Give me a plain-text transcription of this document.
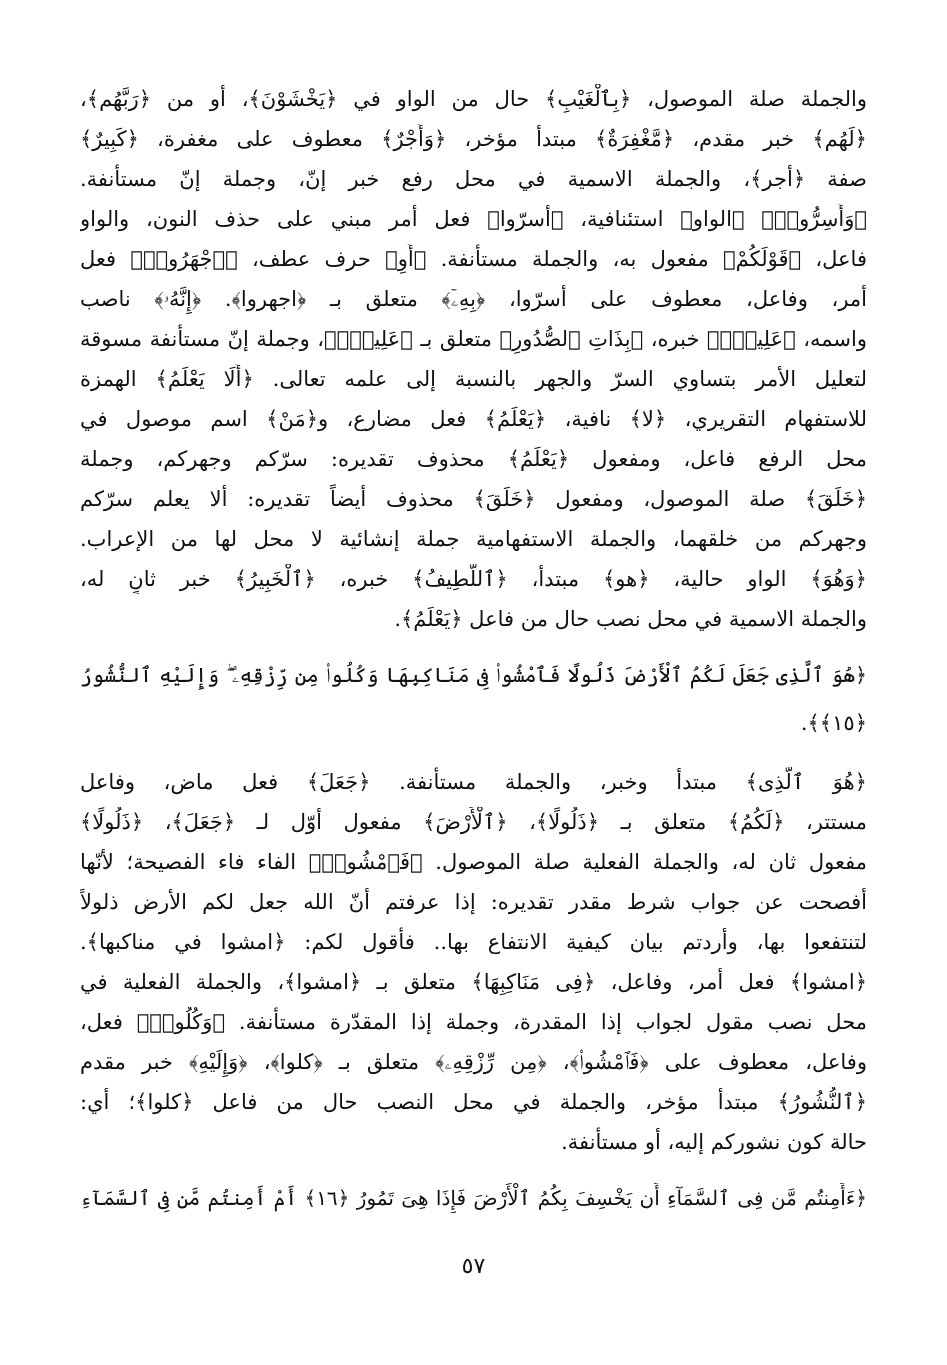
والجملة صلة الموصول، ﴿بِٱلْغَيْبِ﴾ حال من الواو في ﴿يَخْشَوْنَ﴾، أو من ﴿رَبَّهُم﴾،
﴿لَهُم﴾ خبر مقدم، ﴿مَّغْفِرَةٌ﴾ مبتدأ مؤخر، ﴿وَأَجْرٌ﴾ معطوف على مغفرة، ﴿كَبِيرٌ﴾
صفة ﴿أجر﴾، والجملة الاسمية في محل رفع خبر إنّ، وجملة إنّ مستأنفة.
﴿وَأَسِرُّوا۟﴾ ﴿الواو﴾ استئنافية، ﴿أسرّوا﴾ فعل أمر مبني على حذف النون، والواو
فاعل، ﴿قَوْلَكُمْ﴾ مفعول به، والجملة مستأنفة. ﴿أَوِ﴾ حرف عطف، ﴿ٱجْهَرُوا۟﴾ فعل
أمر، وفاعل، معطوف على أسرّوا، ﴿بِهِۦٓ﴾ متعلق بـ ﴿اجهروا﴾. ﴿إِنَّهُۥ﴾ ناصب
واسمه، ﴿عَلِيمٌۢ﴾ خبره، ﴿بِذَاتِ ٱلصُّدُورِ﴾ متعلق بـ ﴿عَلِيمٌۢ﴾، وجملة إنّ مستأنفة مسوقة
لتعليل الأمر بتساوي السرّ والجهر بالنسبة إلى علمه تعالى. ﴿أَلَا يَعْلَمُ﴾ الهمزة
للاستفهام التقريري، ﴿لا﴾ نافية، ﴿يَعْلَمُ﴾ فعل مضارع، و﴿مَنْ﴾ اسم موصول في
محل الرفع فاعل، ومفعول ﴿يَعْلَمُ﴾ محذوف تقديره: سرّكم وجهركم، وجملة
﴿خَلَقَ﴾ صلة الموصول، ومفعول ﴿خَلَقَ﴾ محذوف أيضاً تقديره: ألا يعلم سرّكم
وجهركم من خلقهما، والجملة الاستفهامية جملة إنشائية لا محل لها من الإعراب.
﴿وَهُوَ﴾ الواو حالية، ﴿هو﴾ مبتدأ، ﴿ٱللَّطِيفُ﴾ خبره، ﴿ٱلْخَبِيرُ﴾ خبر ثانٍ له،
والجملة الاسمية في محل نصب حال من فاعل ﴿يَعْلَمُ﴾.
﴿هُوَ ٱلَّذِى جَعَلَ لَكُمُ ٱلْأَرْضَ ذَلُولًا فَٱمْشُوا۟ فِى مَنَاكِبِهَا وَكُلُوا۟ مِن رِّزْقِهِۦ ۖ وَإِلَيْهِ ٱلنُّشُورُ
﴿١٥﴾﴾.
﴿هُوَ ٱلَّذِى﴾ مبتدأ وخبر، والجملة مستأنفة. ﴿جَعَلَ﴾ فعل ماض، وفاعل
مستتر، ﴿لَكُمُ﴾ متعلق بـ ﴿ذَلُولًا﴾، ﴿ٱلْأَرْضَ﴾ مفعول أوّل لـ ﴿جَعَلَ﴾، ﴿ذَلُولًا﴾
مفعول ثان له، والجملة الفعلية صلة الموصول. ﴿فَٱمْشُوا۟﴾ الفاء فاء الفصيحة؛ لأنّها
أفصحت عن جواب شرط مقدر تقديره: إذا عرفتم أنّ الله جعل لكم الأرض ذلولاً
لتنتفعوا بها، وأردتم بيان كيفية الانتفاع بها.. فأقول لكم: ﴿امشوا في مناكبها﴾.
﴿امشوا﴾ فعل أمر، وفاعل، ﴿فِى مَنَاكِبِهَا﴾ متعلق بـ ﴿امشوا﴾، والجملة الفعلية في
محل نصب مقول لجواب إذا المقدرة، وجملة إذا المقدّرة مستأنفة. ﴿وَكُلُوا۟﴾ فعل،
وفاعل، معطوف على ﴿فَٱمْشُوا۟﴾، ﴿مِن رِّزْقِهِۦ﴾ متعلق بـ ﴿كلوا﴾، ﴿وَإِلَيْهِ﴾ خبر مقدم
﴿ٱلنُّشُورُ﴾ مبتدأ مؤخر، والجملة في محل النصب حال من فاعل ﴿كلوا﴾؛ أي:
حالة كون نشوركم إليه، أو مستأنفة.
﴿ءَأَمِنتُم مَّن فِى ٱلسَّمَآءِ أَن يَخْسِفَ بِكُمُ ٱلْأَرْضَ فَإِذَا هِىَ تَمُورُ ﴿١٦﴾ أَمْ أَمِنتُم مَّن فِى ٱلسَّمَآءِ
٥٧
